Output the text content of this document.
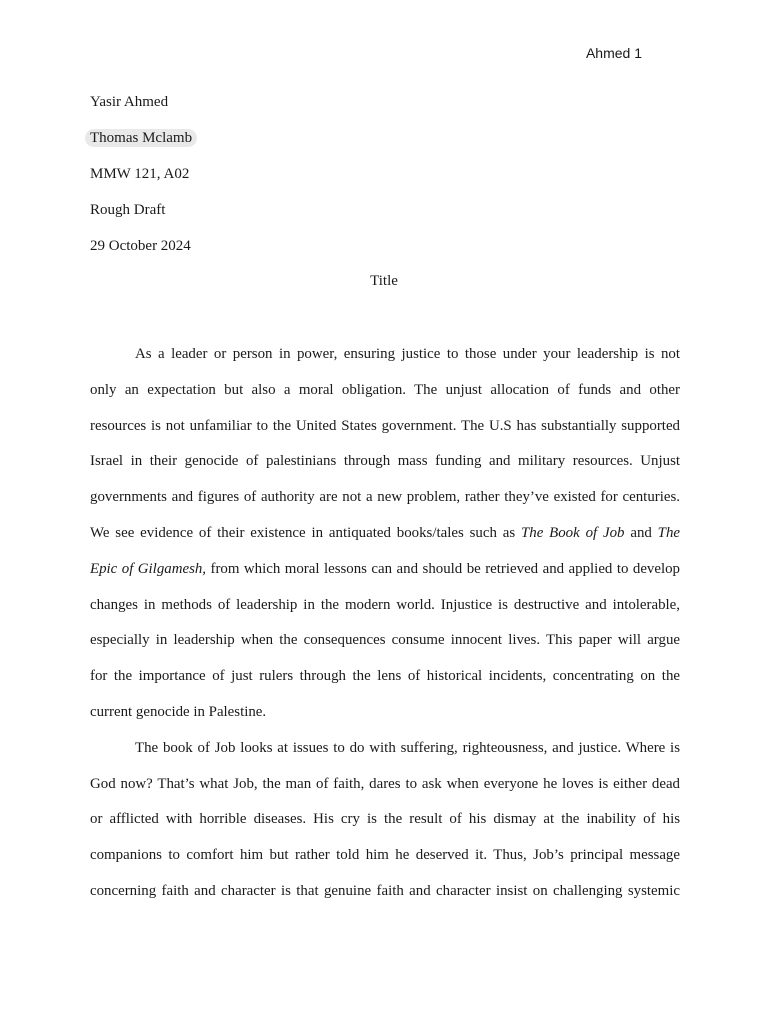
Ahmed 1
Yasir Ahmed
Thomas Mclamb
MMW 121, A02
Rough Draft
29 October 2024
Title
As a leader or person in power, ensuring justice to those under your leadership is not
only an expectation but also a moral obligation. The unjust allocation of funds and other
resources is not unfamiliar to the United States government. The U.S has substantially supported
Israel in their genocide of palestinians through mass funding and military resources. Unjust
governments and figures of authority are not a new problem, rather they’ve existed for centuries.
We see evidence of their existence in antiquated books/tales such as The Book of Job and The
Epic of Gilgamesh, from which moral lessons can and should be retrieved and applied to develop
changes in methods of leadership in the modern world. Injustice is destructive and intolerable,
especially in leadership when the consequences consume innocent lives. This paper will argue
for the importance of just rulers through the lens of historical incidents, concentrating on the
current genocide in Palestine.
The book of Job looks at issues to do with suffering, righteousness, and justice. Where is
God now? That’s what Job, the man of faith, dares to ask when everyone he loves is either dead
or afflicted with horrible diseases. His cry is the result of his dismay at the inability of his
companions to comfort him but rather told him he deserved it. Thus, Job’s principal message
concerning faith and character is that genuine faith and character insist on challenging systemic
